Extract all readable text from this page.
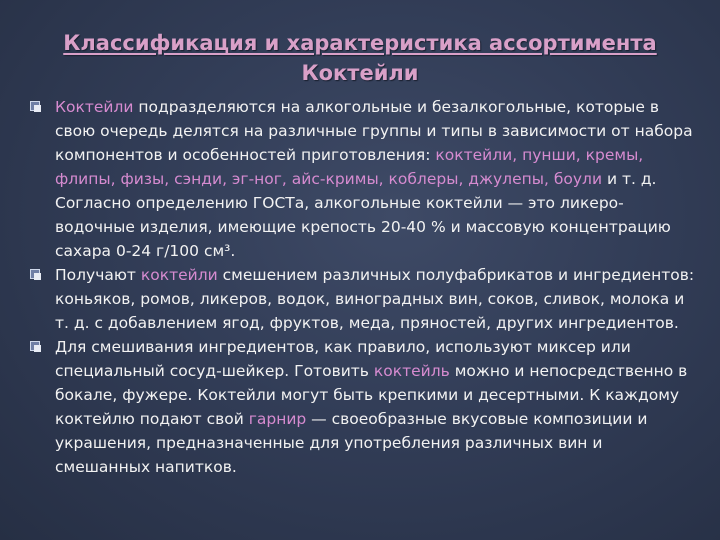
Классификация и характеристика ассортимента
Коктейли

Коктейли подразделяются на алкогольные и безалкогольные, которые в свою очередь делятся на различные группы и типы в зависимости от набора компонентов и особенностей приготовления: коктейли, пунши, кремы, флипы, физы, сэнди, эг-ног, айс-кримы, коблеры, джулепы, боули и т. д. Согласно определению ГОСТа, алкогольные коктейли — это ликеро-водочные изделия, имеющие крепость 20-40 % и массовую концентрацию сахара 0-24 г/100 см³.

Получают коктейли смешением различных полуфабрикатов и ингредиентов: коньяков, ромов, ликеров, водок, виноградных вин, соков, сливок, молока и т. д. с добавлением ягод, фруктов, меда, пряностей, других ингредиентов.

Для смешивания ингредиентов, как правило, используют миксер или специальный сосуд-шейкер. Готовить коктейль можно и непосредственно в бокале, фужере. Коктейли могут быть крепкими и десертными. К каждому коктейлю подают свой гарнир — своеобразные вкусовые композиции и украшения, предназначенные для употребления различных вин и смешанных напитков.
